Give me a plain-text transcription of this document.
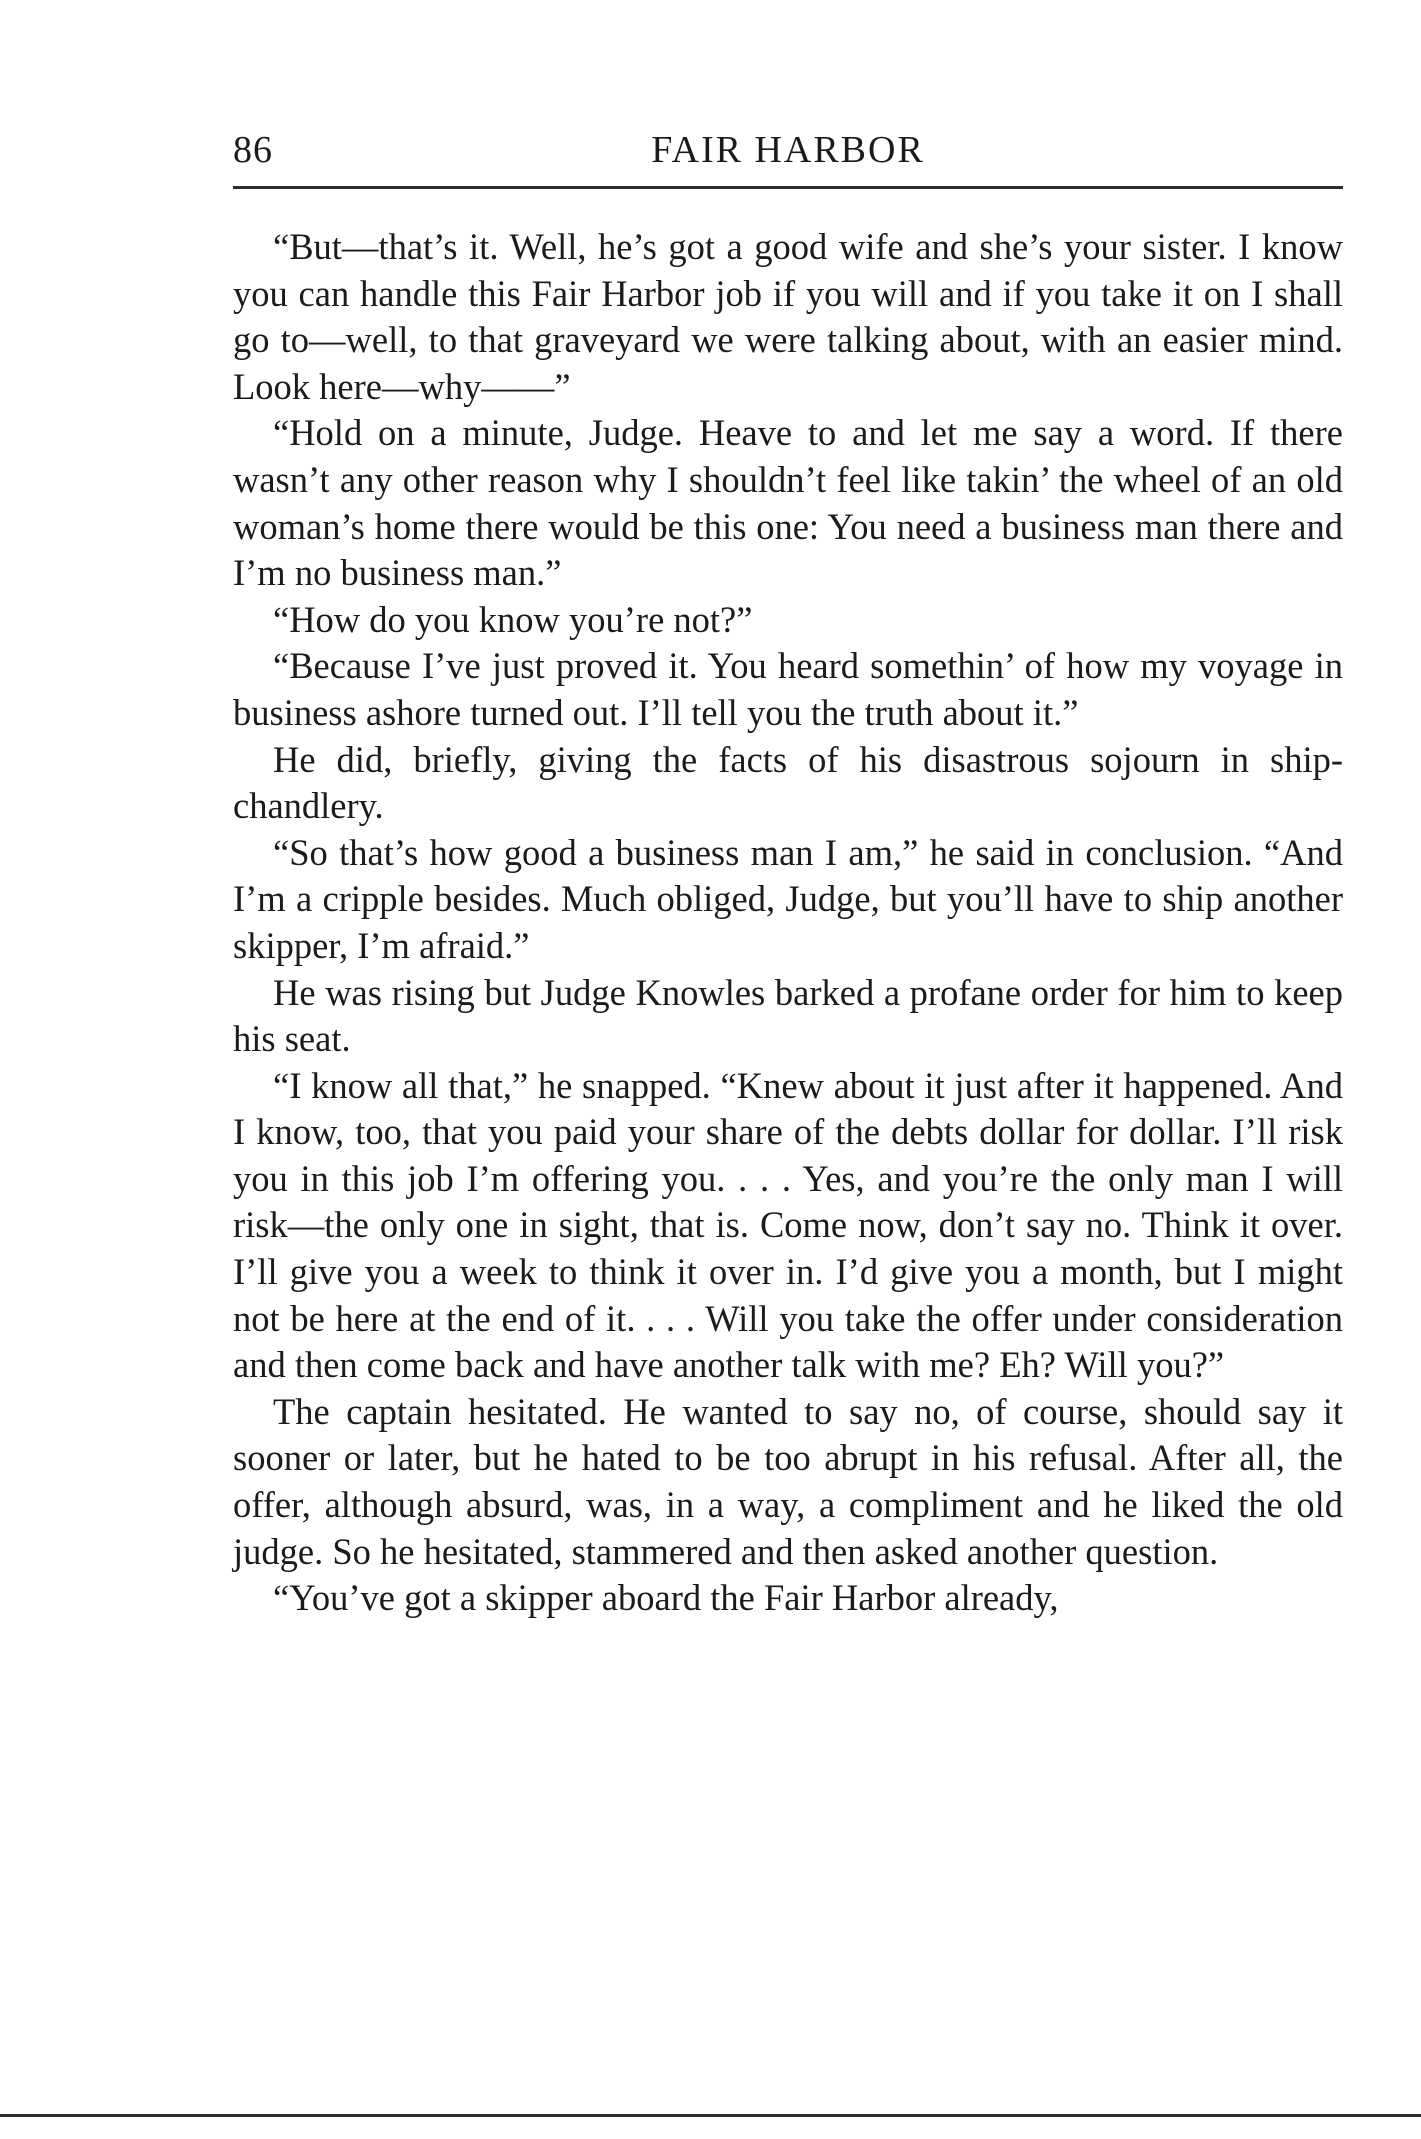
86	FAIR HARBOR

“But—that’s it. Well, he’s got a good wife and she’s your sister. I know you can handle this Fair Harbor job if you will and if you take it on I shall go to—well, to that graveyard we were talking about, with an easier mind. Look here—why——”

“Hold on a minute, Judge. Heave to and let me say a word. If there wasn’t any other reason why I shouldn’t feel like takin’ the wheel of an old woman’s home there would be this one: You need a business man there and I’m no business man.”

“How do you know you’re not?”

“Because I’ve just proved it. You heard somethin’ of how my voyage in business ashore turned out. I’ll tell you the truth about it.”

He did, briefly, giving the facts of his disastrous sojourn in ship-chandlery.

“So that’s how good a business man I am,” he said in conclusion. “And I’m a cripple besides. Much obliged, Judge, but you’ll have to ship another skipper, I’m afraid.”

He was rising but Judge Knowles barked a profane order for him to keep his seat.

“I know all that,” he snapped. “Knew about it just after it happened. And I know, too, that you paid your share of the debts dollar for dollar. I’ll risk you in this job I’m offering you. . . . Yes, and you’re the only man I will risk—the only one in sight, that is. Come now, don’t say no. Think it over. I’ll give you a week to think it over in. I’d give you a month, but I might not be here at the end of it. . . . Will you take the offer under consideration and then come back and have another talk with me? Eh? Will you?”

The captain hesitated. He wanted to say no, of course, should say it sooner or later, but he hated to be too abrupt in his refusal. After all, the offer, although absurd, was, in a way, a compliment and he liked the old judge. So he hesitated, stammered and then asked another question.

“You’ve got a skipper aboard the Fair Harbor already,
